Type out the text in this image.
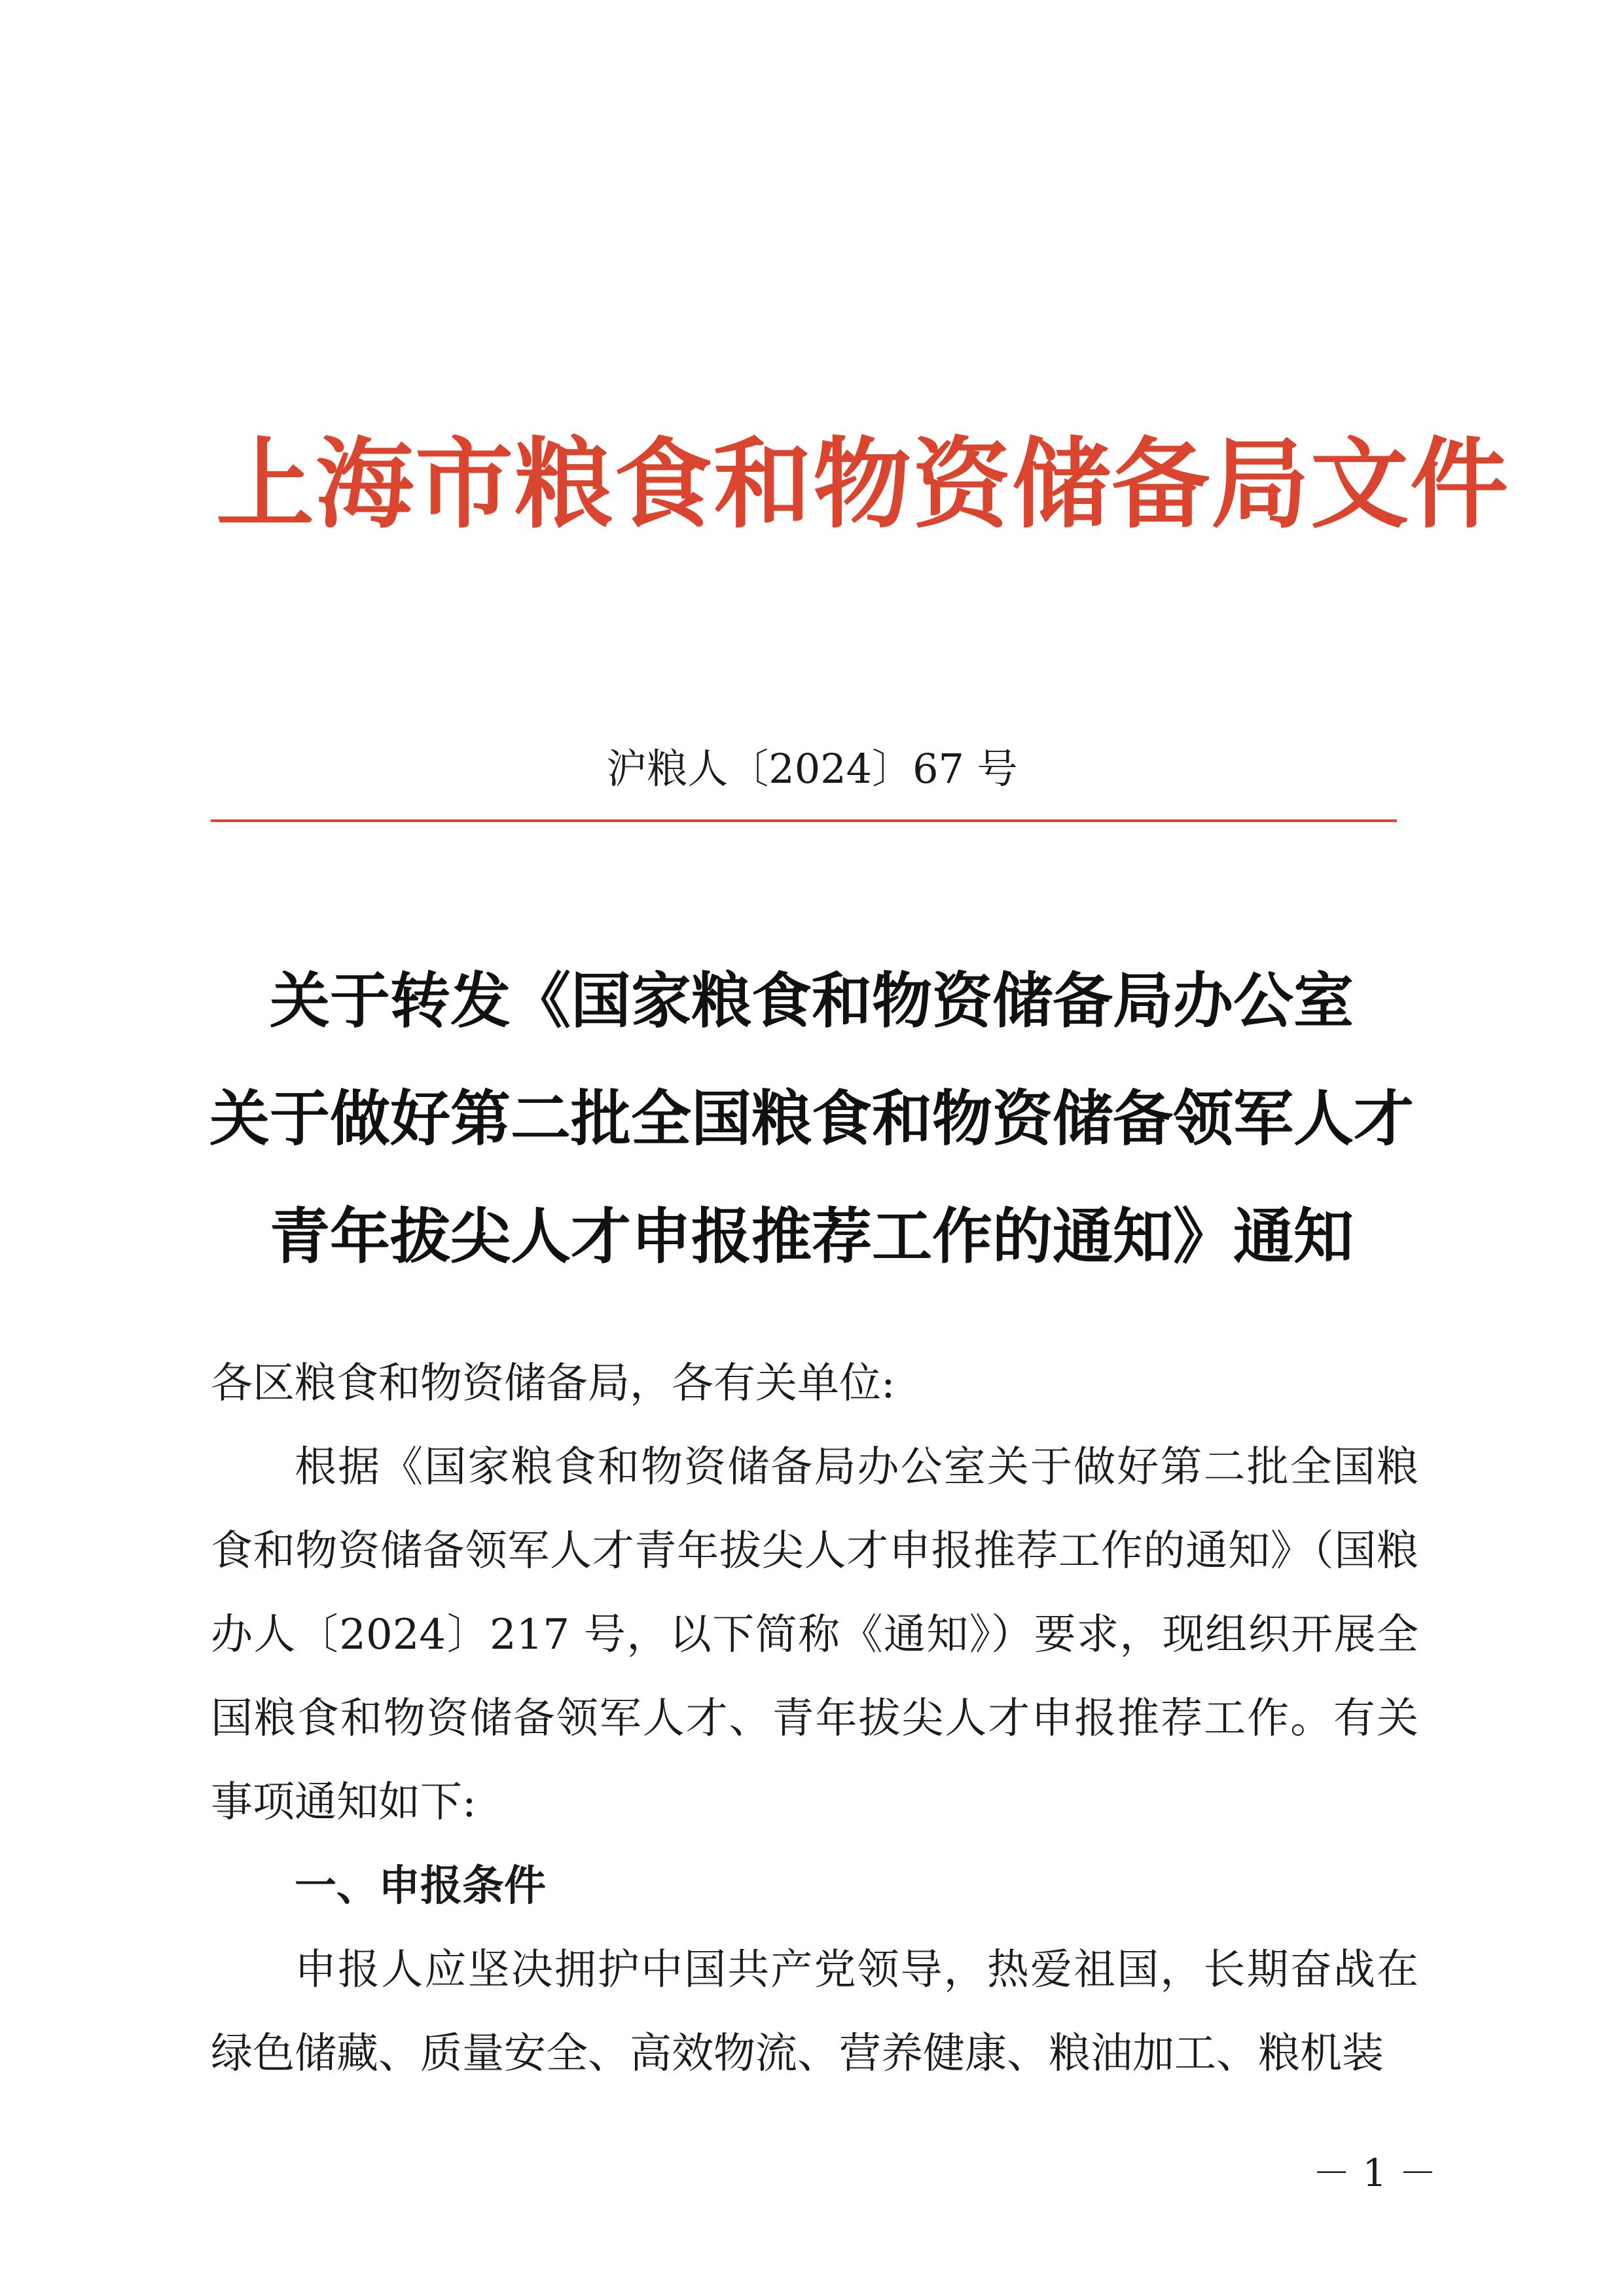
上海市粮食和物资储备局文件
沪粮人〔2024〕67 号
关于转发《国家粮食和物资储备局办公室
关于做好第二批全国粮食和物资储备领军人才
青年拔尖人才申报推荐工作的通知》通知

各区粮食和物资储备局，各有关单位:

根据《国家粮食和物资储备局办公室关于做好第二批全国粮食和物资储备领军人才青年拔尖人才申报推荐工作的通知》（国粮办人〔2024〕217 号，以下简称《通知》）要求，现组织开展全国粮食和物资储备领军人才、青年拔尖人才申报推荐工作。有关事项通知如下:

一、申报条件

申报人应坚决拥护中国共产党领导，热爱祖国，长期奋战在绿色储藏、质量安全、高效物流、营养健康、粮油加工、粮机装

－ 1 －
